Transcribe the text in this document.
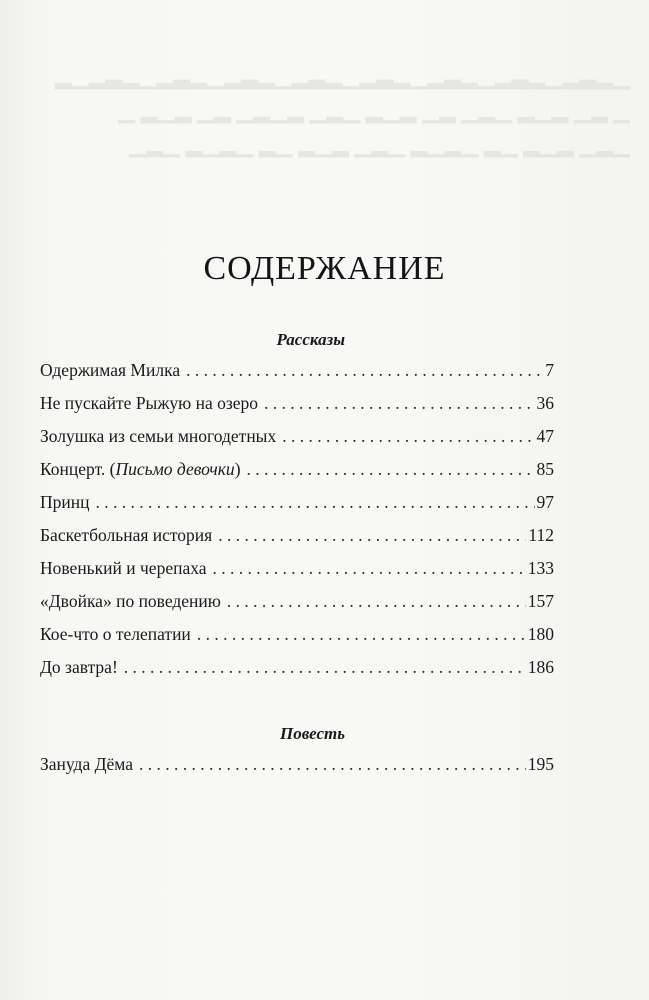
▁▂▃▂▁▂▃▂▁▂▃▂▁▂▃▂▁▂▃▂▁▂▃▂▁▂▃▂▁▂▃▂▁▂
▁ ▂▁ ▂▁▂ ▁▂▁ ▂▁ ▂▁▂ ▁▂▁ ▂▁▂▁ ▂▁ ▂▁▂ ▁
▁▂▁ ▂▁▂ ▁▂ ▁▂▁▂ ▁▂▁ ▂▁▂ ▁▂ ▁▂▁▂ ▁▂▁
СОДЕРЖАНИЕ
Рассказы
Одержимая Милка . . .	7
Не пускайте Рыжую на озеро . . .	36
Золушка из семьи многодетных . . .	47
Концерт. (Письмо девочки) . . .	85
Принц . . .	97
Баскетбольная история . . .	112
Новенький и черепаха . . .	133
«Двойка» по поведению . . .	157
Кое-что о телепатии . . .	180
До завтра! . . .	186
Повесть
Зануда Дёма . . .	195
